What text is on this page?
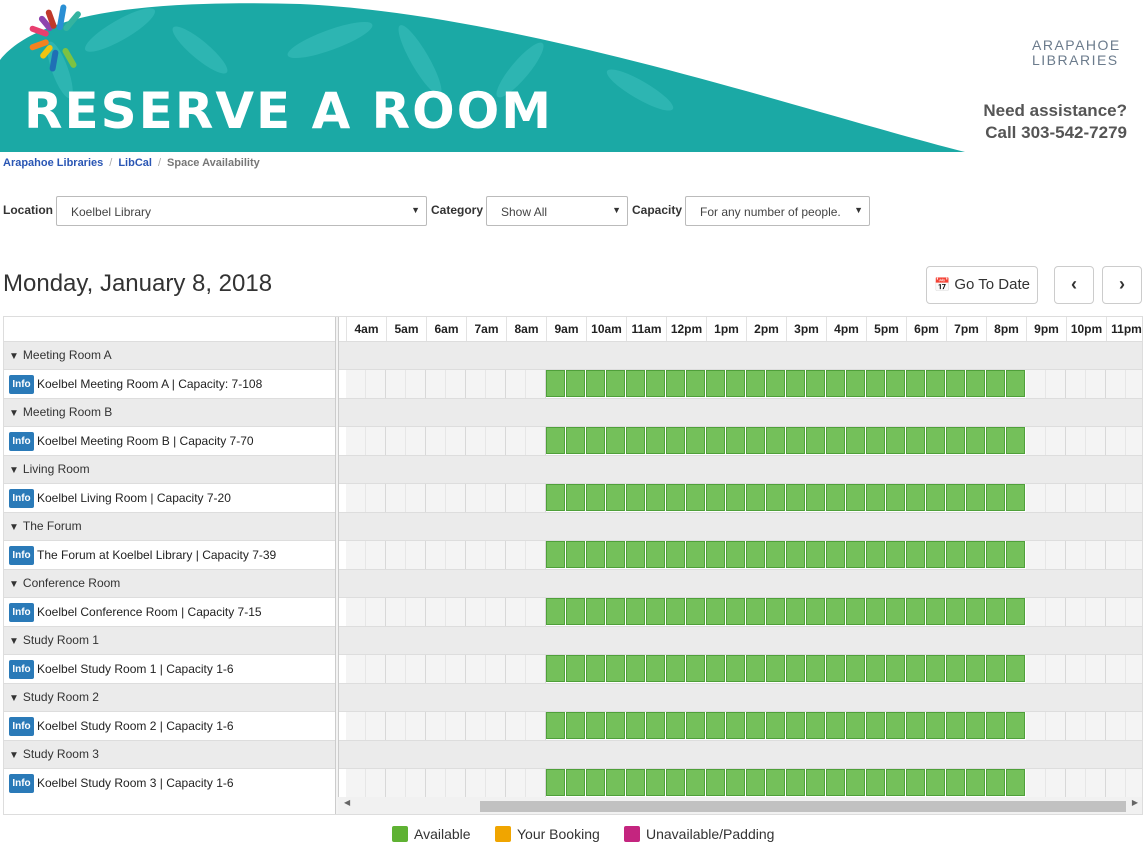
RESERVE A ROOM
ARAPAHOE
LIBRARIES
Need assistance?
Call 303-542-7279
Arapahoe Libraries / LibCal / Space Availability
Location	Koelbel Library	▼ Category	Show All	▼ Capacity	For any number of people. ▼
Monday, January 8, 2018	📅 Go To Date	‹	›
4am	5am	6am	7am	8am	9am	10am 11am 12pm 1pm	2pm	3pm	4pm	5pm	6pm	7pm	8pm	9pm 10pm 11pm
▼ Meeting Room A
Info Koelbel Meeting Room A | Capacity: 7-108
▼ Meeting Room B
Info Koelbel Meeting Room B | Capacity 7-70
▼ Living Room
Info Koelbel Living Room | Capacity 7-20
▼ The Forum
Info The Forum at Koelbel Library | Capacity 7-39
▼ Conference Room
Info Koelbel Conference Room | Capacity 7-15
▼ Study Room 1
Info Koelbel Study Room 1 | Capacity 1-6
▼ Study Room 2
Info Koelbel Study Room 2 | Capacity 1-6
▼ Study Room 3
Info Koelbel Study Room 3 | Capacity 1-6
◀	▶
Available	Your Booking	Unavailable/Padding
